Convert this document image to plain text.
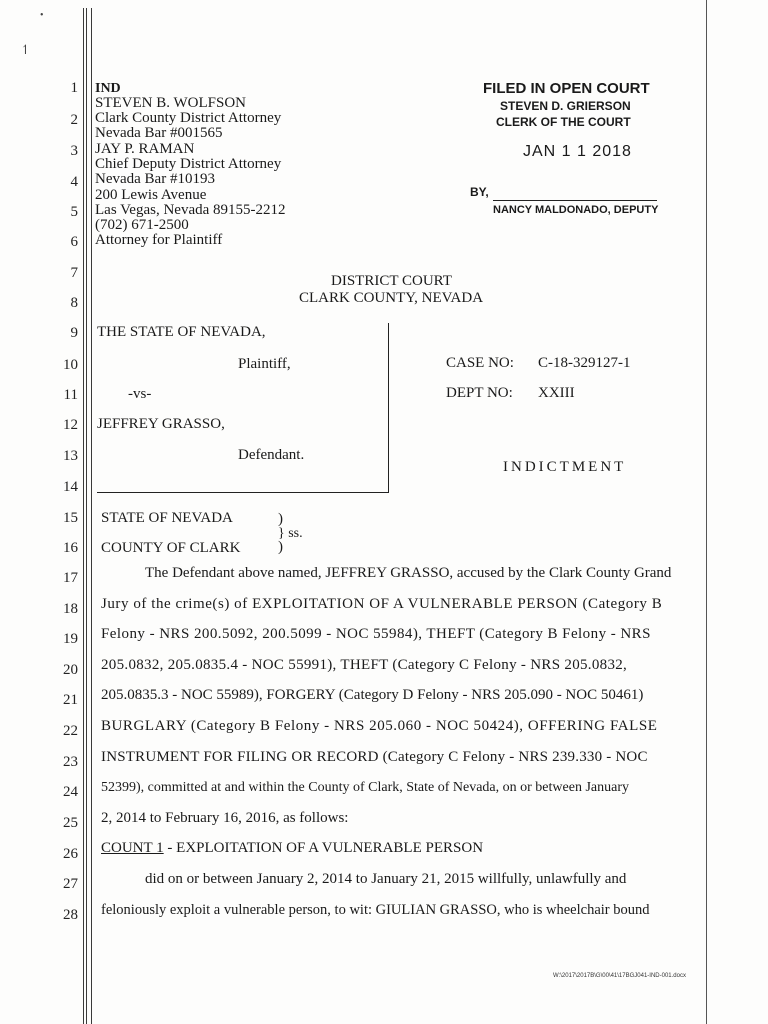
•
↿
1
2
3
4
5
6
7
8
9
10
11
12
13
14
15
16
17
18
19
20
21
22
23
24
25
26
27
28
IND
STEVEN B. WOLFSON
Clark County District Attorney
Nevada Bar #001565
JAY P. RAMAN
Chief Deputy District Attorney
Nevada Bar #10193
200 Lewis Avenue
Las Vegas, Nevada 89155-2212
(702) 671-2500
Attorney for Plaintiff
FILED IN OPEN COURT
STEVEN D. GRIERSON
CLERK OF THE COURT
JAN 1 1 2018
BY,
NANCY MALDONADO, DEPUTY
DISTRICT COURT
CLARK COUNTY, NEVADA
THE STATE OF NEVADA,
Plaintiff,
-vs-
JEFFREY GRASSO,
Defendant.
CASE NO: C-18-329127-1
DEPT NO: XXIII
INDICTMENT
STATE OF NEVADA
COUNTY OF CLARK
)
} ss.
)
The Defendant above named, JEFFREY GRASSO, accused by the Clark County Grand
Jury of the crime(s) of EXPLOITATION OF A VULNERABLE PERSON (Category B
Felony - NRS 200.5092, 200.5099 - NOC 55984), THEFT (Category B Felony - NRS
205.0832, 205.0835.4 - NOC 55991), THEFT (Category C Felony - NRS 205.0832,
205.0835.3 - NOC 55989), FORGERY (Category D Felony - NRS 205.090 - NOC 50461)
BURGLARY (Category B Felony - NRS 205.060 - NOC 50424), OFFERING FALSE
INSTRUMENT FOR FILING OR RECORD (Category C Felony - NRS 239.330 - NOC
52399), committed at and within the County of Clark, State of Nevada, on or between January
2, 2014 to February 16, 2016, as follows:
COUNT 1 - EXPLOITATION OF A VULNERABLE PERSON
did on or between January 2, 2014 to January 21, 2015 willfully, unlawfully and
feloniously exploit a vulnerable person, to wit: GIULIAN GRASSO, who is wheelchair bound
W:\2017\2017B\G\00\41\17BGJ041-IND-001.docx
